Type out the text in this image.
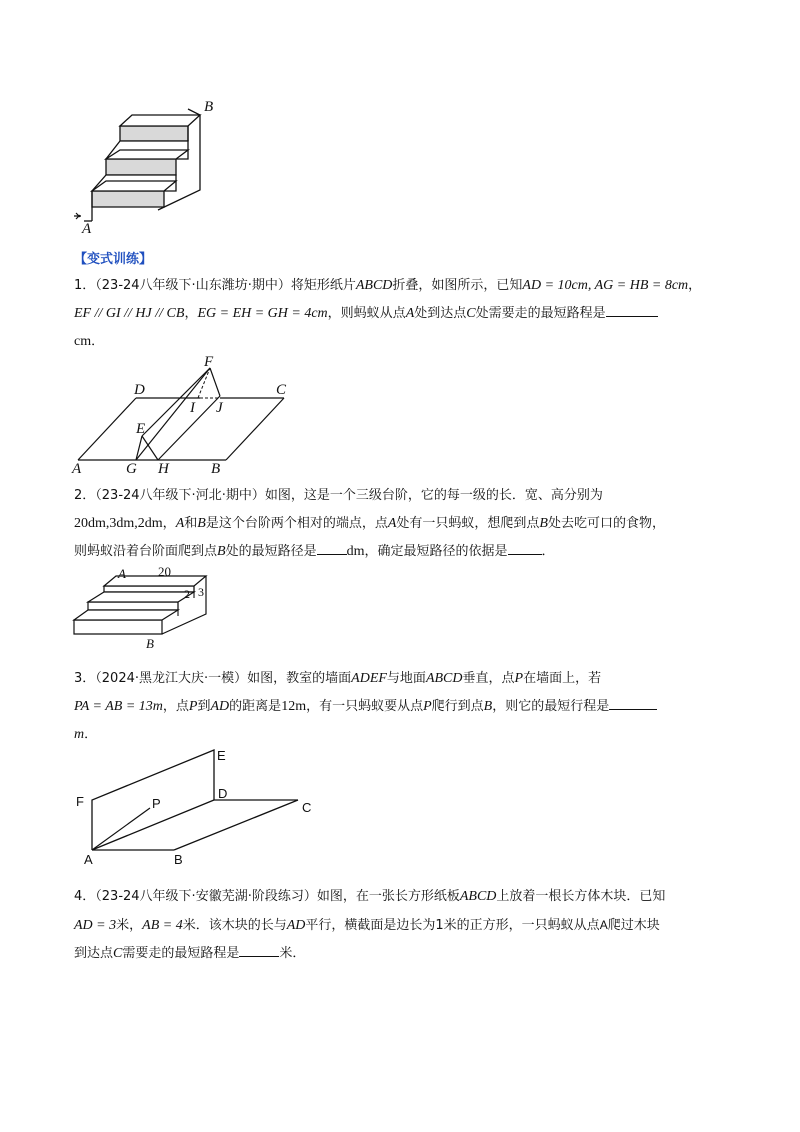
A
B
【变式训练】

1．（23-24八年级下·山东潍坊·期中）将矩形纸片ABCD折叠，如图所示，已知AD = 10cm, AG = HB = 8cm，

EF // GI // HJ // CB，EG = EH = GH = 4cm，则蚂蚁从点A处到达点C处需要走的最短路程是

cm．

A	G H	B
D	C
F
E
I J

2．（23-24八年级下·河北·期中）如图，这是一个三级台阶，它的每一级的长．宽、高分别为

20dm,3dm,2dm，A和B是这个台阶两个相对的端点，点A处有一只蚂蚁，想爬到点B处去吃可口的食物，

则蚂蚁沿着台阶面爬到点B处的最短路径是 dm，确定最短路径的依据是	．

A 20
2 3
B

3．（2024·黑龙江大庆·一模）如图，教室的墙面ADEF与地面ABCD垂直，点P在墙面上，若

PA = AB = 13m，点P到AD的距离是12m，有一只蚂蚁要从点P爬行到点B，则它的最短行程是

m．

F
E
D
C
P
A	B

4．（23-24八年级下·安徽芜湖·阶段练习）如图，在一张长方形纸板ABCD上放着一根长方体木块．已知

AD = 3米，AB = 4米．该木块的长与AD平行，横截面是边长为1米的正方形，一只蚂蚁从点A爬过木块

到达点C需要走的最短路程是	米．
